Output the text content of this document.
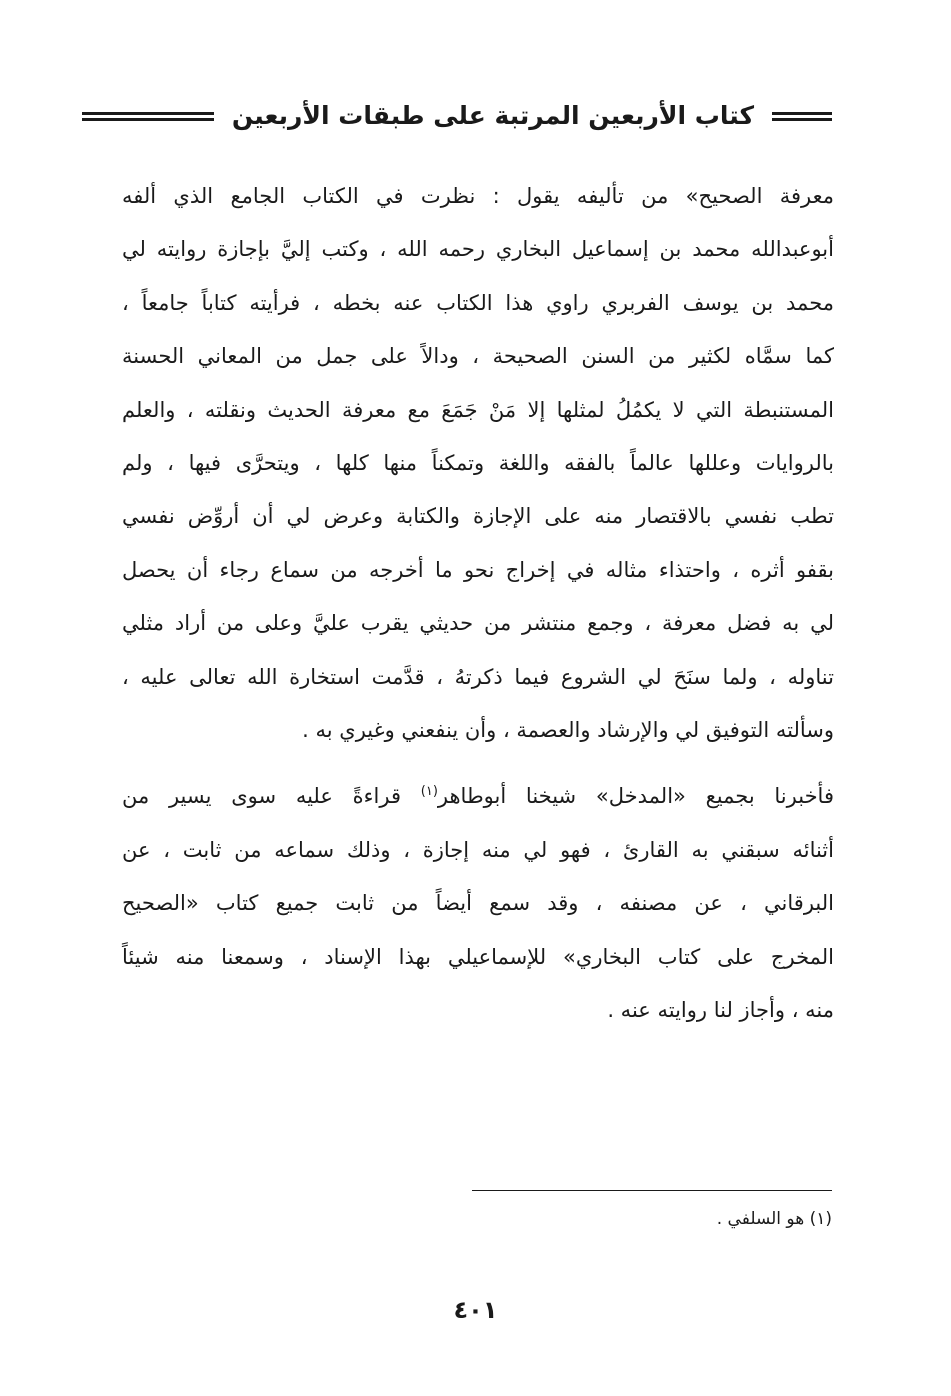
كتاب الأربعين المرتبة على طبقات الأربعين

معرفة الصحيح» من تأليفه يقول : نظرت في الكتاب الجامع الذي ألفه
أبوعبدالله محمد بن إسماعيل البخاري رحمه الله ، وكتب إليَّ بإجازة روايته لي
محمد بن يوسف الفربري راوي هذا الكتاب عنه بخطه ، فرأيته كتاباً جامعاً ،
كما سمَّاه لكثير من السنن الصحيحة ، ودالاً على جمل من المعاني الحسنة
المستنبطة التي لا يكمُلُ لمثلها إلا مَنْ جَمَعَ مع معرفة الحديث ونقلته ، والعلم
بالروايات وعللها عالماً بالفقه واللغة وتمكناً منها كلها ، ويتحرَّى فيها ، ولم
تطب نفسي بالاقتصار منه على الإجازة والكتابة وعرض لي أن أروِّض نفسي
بقفو أثره ، واحتذاء مثاله في إخراج نحو ما أخرجه من سماع رجاء أن يحصل
لي به فضل معرفة ، وجمع منتشر من حديثي يقرب عليَّ وعلى من أراد مثلي
تناوله ، ولما سنَحَ لي الشروع فيما ذكرتهُ ، قدَّمت استخارة الله تعالى عليه ،
وسألته التوفيق لي والإرشاد والعصمة ، وأن ينفعني وغيري به .

فأخبرنا بجميع «المدخل» شيخنا أبوطاهر$^{(١)}$ قراءةً عليه سوى يسير من
أثنائه سبقني به القارئ ، فهو لي منه إجازة ، وذلك سماعه من ثابت ، عن
البرقاني ، عن مصنفه ، وقد سمع أيضاً من ثابت جميع كتاب «الصحيح
المخرج على كتاب البخاري» للإسماعيلي بهذا الإسناد ، وسمعنا منه شيئاً
منه ، وأجاز لنا روايته عنه .

(١) هو السلفي .
٤٠١
